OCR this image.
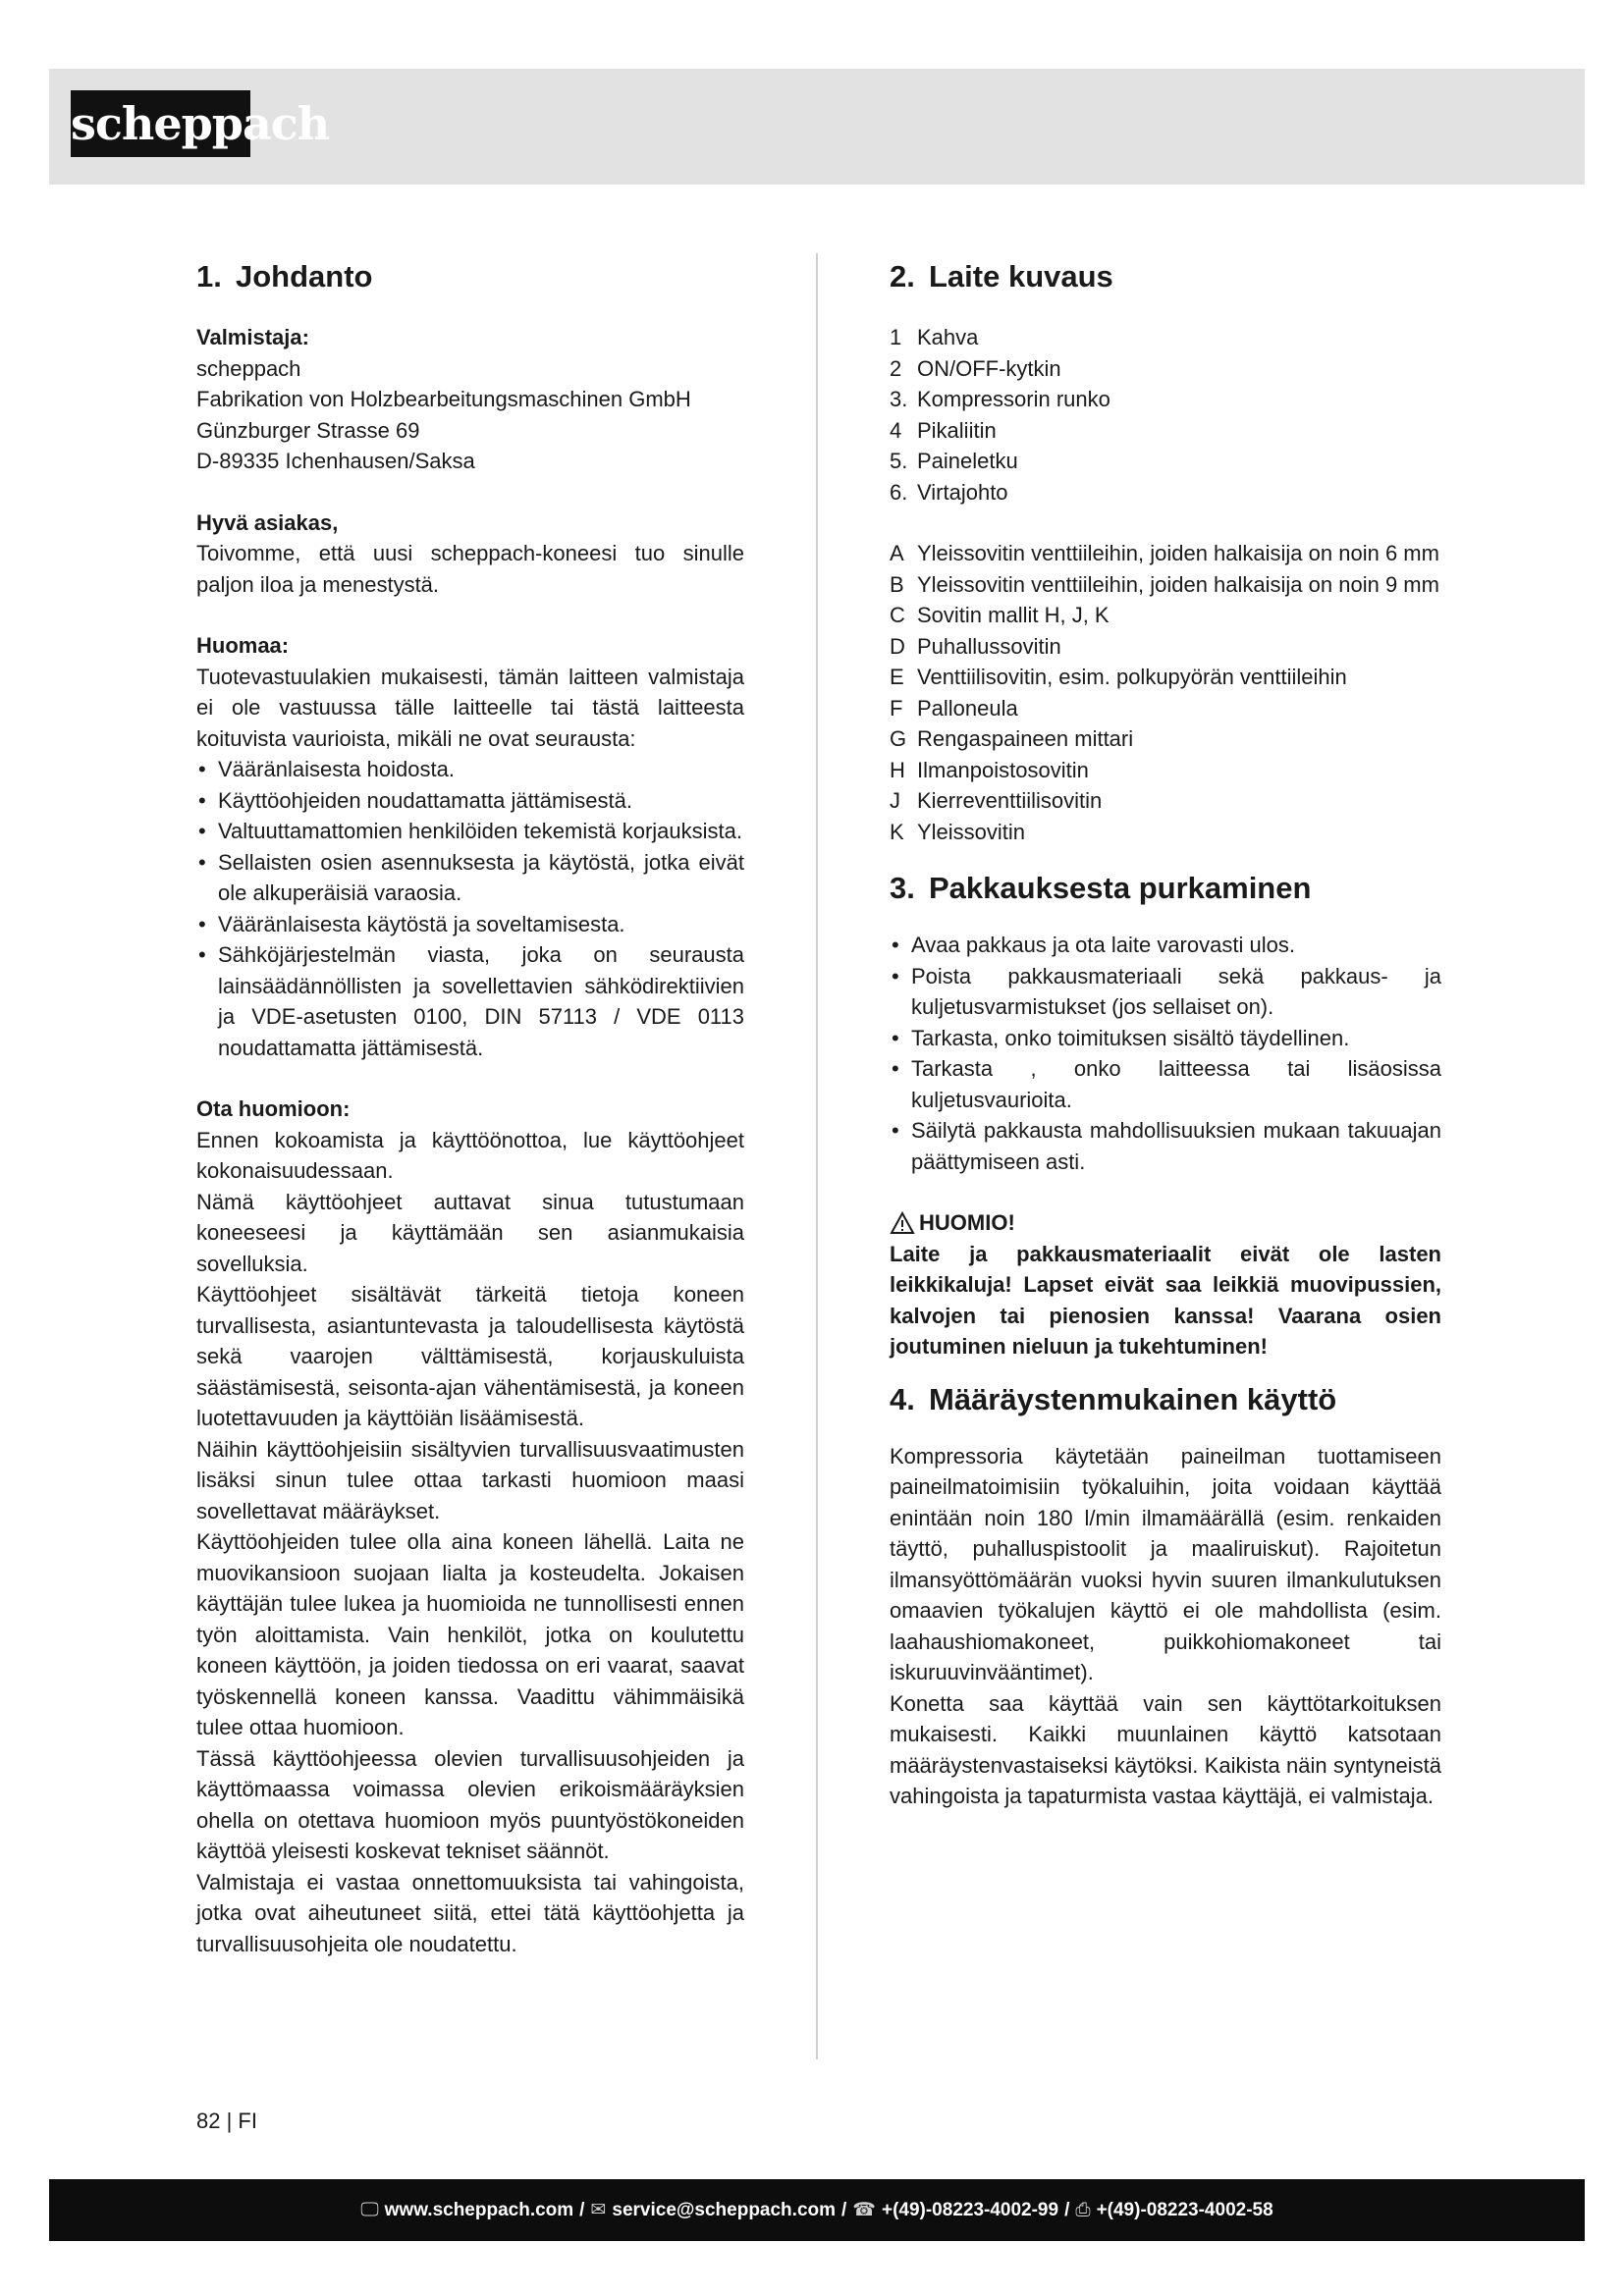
scheppach
1. Johdanto

Valmistaja:

scheppach

Fabrikation von Holzbearbeitungsmaschinen GmbH

Günzburger Strasse 69

D-89335 Ichenhausen/Saksa

Hyvä asiakas,

Toivomme, että uusi scheppach-koneesi tuo sinulle paljon iloa ja menestystä.

Huomaa:

Tuotevastuulakien mukaisesti, tämän laitteen valmistaja ei ole vastuussa tälle laitteelle tai tästä laitteesta koituvista vaurioista, mikäli ne ovat seurausta:

• Vääränlaisesta hoidosta.
• Käyttöohjeiden noudattamatta jättämisestä.
• Valtuuttamattomien henkilöiden tekemistä korjauksista.
• Sellaisten osien asennuksesta ja käytöstä, jotka eivät ole alkuperäisiä varaosia.
• Vääränlaisesta käytöstä ja soveltamisesta.
• Sähköjärjestelmän viasta, joka on seurausta lainsäädännöllisten ja sovellettavien sähködirektiivien ja VDE-asetusten 0100, DIN 57113 / VDE 0113 noudattamatta jättämisestä.

Ota huomioon:

Ennen kokoamista ja käyttöönottoa, lue käyttöohjeet kokonaisuudessaan.

Nämä käyttöohjeet auttavat sinua tutustumaan koneeseesi ja käyttämään sen asianmukaisia sovelluksia.

Käyttöohjeet sisältävät tärkeitä tietoja koneen turvallisesta, asiantuntevasta ja taloudellisesta käytöstä sekä vaarojen välttämisestä, korjauskuluista säästämisestä, seisonta-ajan vähentämisestä, ja koneen luotettavuuden ja käyttöiän lisäämisestä.

Näihin käyttöohjeisiin sisältyvien turvallisuusvaatimusten lisäksi sinun tulee ottaa tarkasti huomioon maasi sovellettavat määräykset.

Käyttöohjeiden tulee olla aina koneen lähellä. Laita ne muovikansioon suojaan lialta ja kosteudelta. Jokaisen käyttäjän tulee lukea ja huomioida ne tunnollisesti ennen työn aloittamista. Vain henkilöt, jotka on koulutettu koneen käyttöön, ja joiden tiedossa on eri vaarat, saavat työskennellä koneen kanssa. Vaadittu vähimmäisikä tulee ottaa huomioon.

Tässä käyttöohjeessa olevien turvallisuusohjeiden ja käyttömaassa voimassa olevien erikoismääräyksien ohella on otettava huomioon myös puuntyöstökoneiden käyttöä yleisesti koskevat tekniset säännöt.

Valmistaja ei vastaa onnettomuuksista tai vahingoista, jotka ovat aiheutuneet siitä, ettei tätä käyttöohjetta ja turvallisuusohjeita ole noudatettu.

2. Laite kuvaus
1 Kahva
2 ON/OFF-kytkin
3. Kompressorin runko
4 Pikaliitin
5. Paineletku
6. Virtajohto
A Yleissovitin venttiileihin, joiden halkaisija on noin 6 mm
B Yleissovitin venttiileihin, joiden halkaisija on noin 9 mm
C Sovitin mallit H, J, K
D Puhallussovitin
E Venttiilisovitin, esim. polkupyörän venttiileihin
F Palloneula
G Rengaspaineen mittari
H Ilmanpoistosovitin
J Kierreventtiilisovitin
K Yleissovitin
3. Pakkauksesta purkaminen
• Avaa pakkaus ja ota laite varovasti ulos.
• Poista pakkausmateriaali sekä pakkaus- ja kuljetusvarmistukset (jos sellaiset on).
• Tarkasta, onko toimituksen sisältö täydellinen.
• Tarkasta , onko laitteessa tai lisäosissa kuljetusvaurioita.
• Säilytä pakkausta mahdollisuuksien mukaan takuuajan päättymiseen asti.
HUOMIO!

Laite ja pakkausmateriaalit eivät ole lasten leikkikaluja! Lapset eivät saa leikkiä muovipussien, kalvojen tai pienosien kanssa! Vaarana osien joutuminen nieluun ja tukehtuminen!

4. Määräystenmukainen käyttö

Kompressoria käytetään paineilman tuottamiseen paineilmatoimisiin työkaluihin, joita voidaan käyttää enintään noin 180 l/min ilmamäärällä (esim. renkaiden täyttö, puhalluspistoolit ja maaliruiskut). Rajoitetun ilmansyöttömäärän vuoksi hyvin suuren ilmankulutuksen omaavien työkalujen käyttö ei ole mahdollista (esim. laahaushiomakoneet, puikkohiomakoneet tai iskuruuvinvääntimet).

Konetta saa käyttää vain sen käyttötarkoituksen mukaisesti. Kaikki muunlainen käyttö katsotaan määräystenvastaiseksi käytöksi. Kaikista näin syntyneistä vahingoista ja tapaturmista vastaa käyttäjä, ei valmistaja.

82 | FI
🖵 www.scheppach.com / ✉ service@scheppach.com / ☎ +(49)-08223-4002-99 / ⎙ +(49)-08223-4002-58
